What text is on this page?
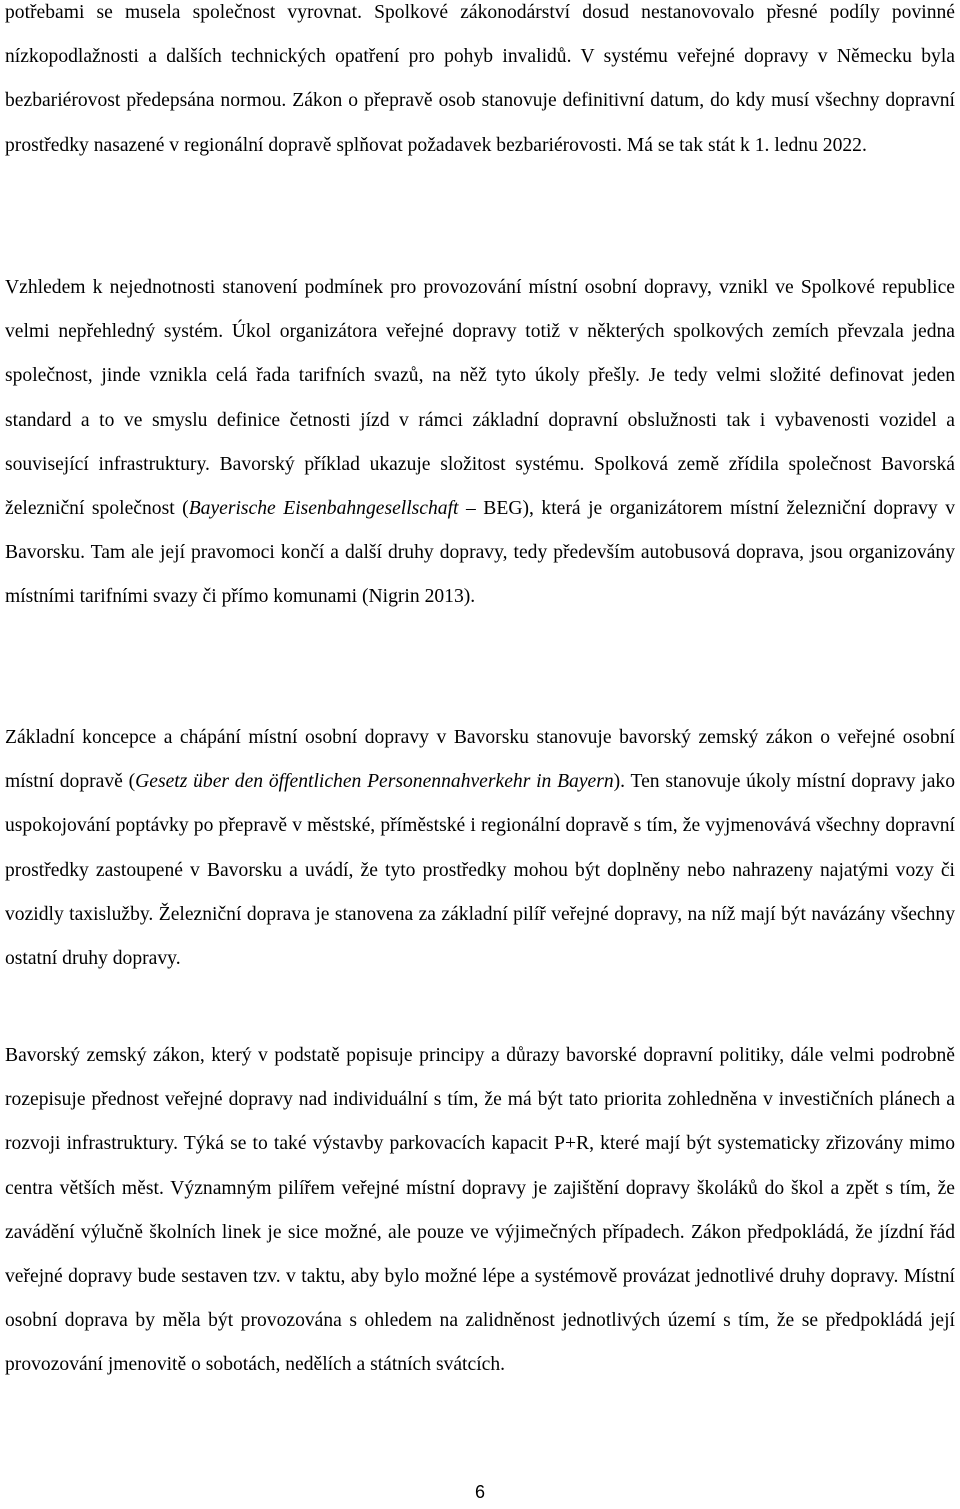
potřebami se musela společnost vyrovnat. Spolkové zákonodárství dosud nestanovovalo přesné podíly povinné nízkopodlažnosti a dalších technických opatření pro pohyb invalidů. V systému veřejné dopravy v Německu byla bezbariérovost předepsána normou. Zákon o přepravě osob stanovuje definitivní datum, do kdy musí všechny dopravní prostředky nasazené v regionální dopravě splňovat požadavek bezbariérovosti. Má se tak stát k 1. lednu 2022.

Vzhledem k nejednotnosti stanovení podmínek pro provozování místní osobní dopravy, vznikl ve Spolkové republice velmi nepřehledný systém. Úkol organizátora veřejné dopravy totiž v některých spolkových zemích převzala jedna společnost, jinde vznikla celá řada tarifních svazů, na něž tyto úkoly přešly. Je tedy velmi složité definovat jeden standard a to ve smyslu definice četnosti jízd v rámci základní dopravní obslužnosti tak i vybavenosti vozidel a související infrastruktury. Bavorský příklad ukazuje složitost systému. Spolková země zřídila společnost Bavorská železniční společnost (Bayerische Eisenbahngesellschaft – BEG), která je organizátorem místní železniční dopravy v Bavorsku. Tam ale její pravomoci končí a další druhy dopravy, tedy především autobusová doprava, jsou organizovány místními tarifními svazy či přímo komunami (Nigrin 2013).

Základní koncepce a chápání místní osobní dopravy v Bavorsku stanovuje bavorský zemský zákon o veřejné osobní místní dopravě (Gesetz über den öffentlichen Personennahverkehr in Bayern). Ten stanovuje úkoly místní dopravy jako uspokojování poptávky po přepravě v městské, příměstské i regionální dopravě s tím, že vyjmenovává všechny dopravní prostředky zastoupené v Bavorsku a uvádí, že tyto prostředky mohou být doplněny nebo nahrazeny najatými vozy či vozidly taxislužby. Železniční doprava je stanovena za základní pilíř veřejné dopravy, na níž mají být navázány všechny ostatní druhy dopravy.

Bavorský zemský zákon, který v podstatě popisuje principy a důrazy bavorské dopravní politiky, dále velmi podrobně rozepisuje přednost veřejné dopravy nad individuální s tím, že má být tato priorita zohledněna v investičních plánech a rozvoji infrastruktury. Týká se to také výstavby parkovacích kapacit P+R, které mají být systematicky zřizovány mimo centra větších měst. Významným pilířem veřejné místní dopravy je zajištění dopravy školáků do škol a zpět s tím, že zavádění výlučně školních linek je sice možné, ale pouze ve výjimečných případech. Zákon předpokládá, že jízdní řád veřejné dopravy bude sestaven tzv. v taktu, aby bylo možné lépe a systémově provázat jednotlivé druhy dopravy. Místní osobní doprava by měla být provozována s ohledem na zalidněnost jednotlivých území s tím, že se předpokládá její provozování jmenovitě o sobotách, nedělích a státních svátcích.

6
